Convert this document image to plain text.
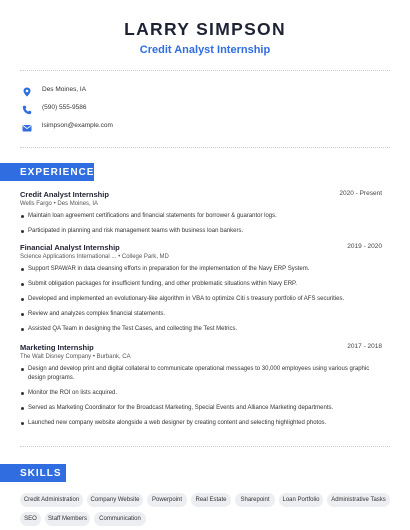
LARRY SIMPSON
Credit Analyst Internship
Des Moines, IA
(590) 555-9586
lsimpson@example.com
EXPERIENCE
Credit Analyst Internship	2020 - Present
Wells Fargo • Des Moines, IA
Maintain loan agreement certifications and financial statements for borrower & guarantor logs.
Participated in planning and risk management teams with business loan bankers.
Financial Analyst Internship	2019 - 2020
Science Applications International ... • College Park, MD
Support SPAWAR in data cleansing efforts in preparation for the implementation of the Navy ERP System.
Submit obligation packages for insufficient funding, and other problematic situations within Navy ERP.
Developed and implemented an evolutionary-like algorithm in VBA to optimize Citi s treasury portfolio of AFS securities.
Review and analyzes complex financial statements.
Assisted QA Team in designing the Test Cases, and collecting the Test Metrics.
Marketing Internship	2017 - 2018
The Walt Disney Company • Burbank, CA
Design and develop print and digital collateral to communicate operational messages to 30,000 employees using various graphic design programs.
Monitor the ROI on lists acquired.
Served as Marketing Coordinator for the Broadcast Marketing, Special Events and Alliance Marketing departments.
Launched new company website alongside a web designer by creating content and selecting highlighted photos.
SKILLS
Credit Administration	Company Website	Powerpoint	Real Estate	Sharepoint	Loan Portfolio	Administrative Tasks
SEO	Staff Members	Communication
